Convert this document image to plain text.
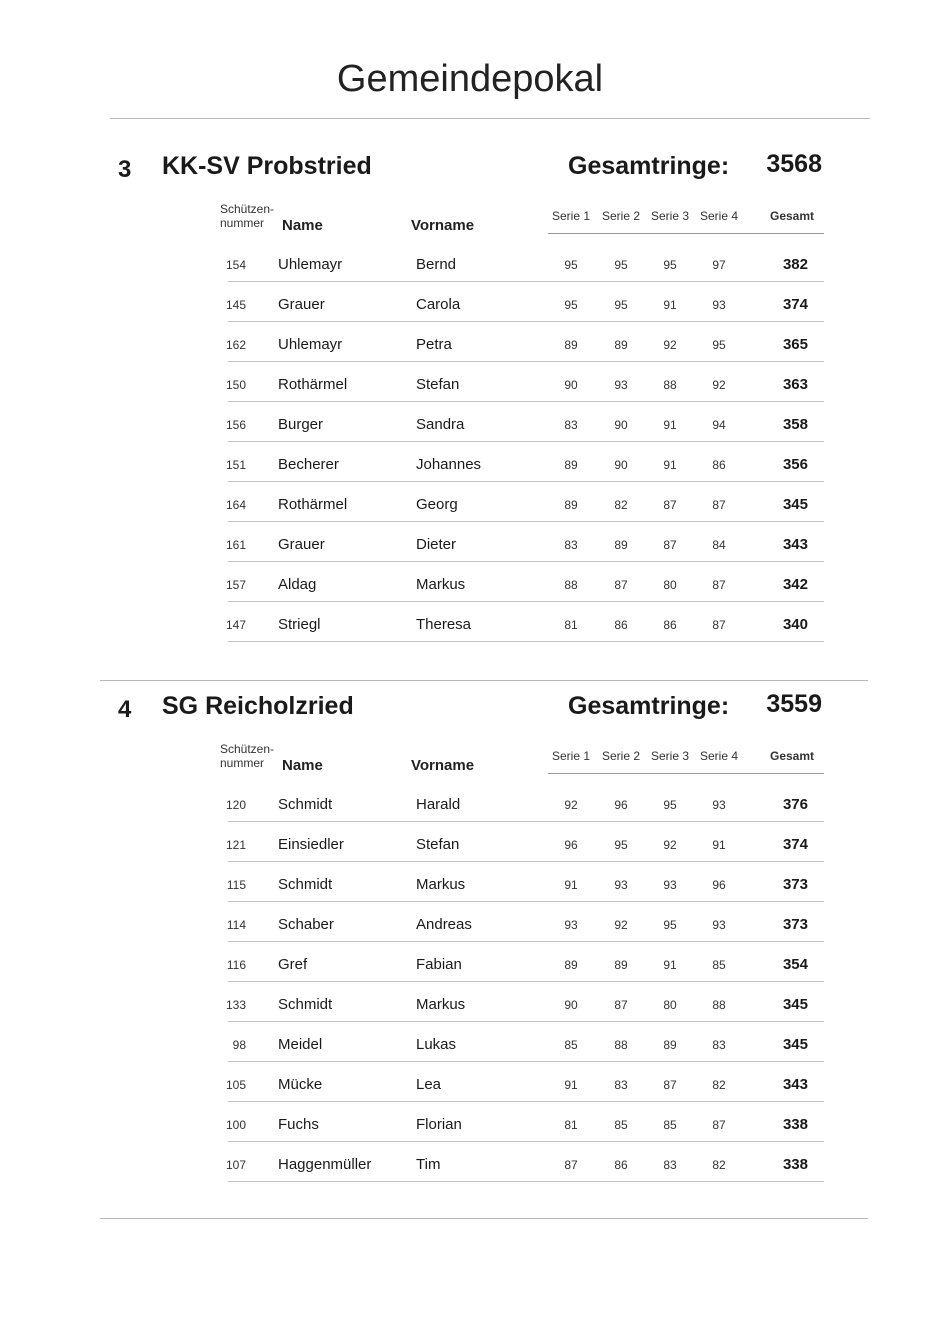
Gemeindepokal
3 KK-SV Probstried	Gesamtringe:	3568
Schützen-
nummer Name	Vorname
Serie 1 Serie 2 Serie 3 Serie 4	Gesamt
154 Uhlemayr	Bernd	95	95	95	97	382
145 Grauer	Carola	95	95	91	93	374
162 Uhlemayr	Petra	89	89	92	95	365
150 Rothärmel	Stefan	90	93	88	92	363
156 Burger	Sandra	83	90	91	94	358
151 Becherer	Johannes	89	90	91	86	356
164 Rothärmel	Georg	89	82	87	87	345
161 Grauer	Dieter	83	89	87	84	343
157 Aldag	Markus	88	87	80	87	342
147 Striegl	Theresa	81	86	86	87	340
4 SG Reicholzried	Gesamtringe:	3559
Schützen-
nummer Name	Vorname
Serie 1 Serie 2 Serie 3 Serie 4	Gesamt
120 Schmidt	Harald	92	96	95	93	376
121 Einsiedler	Stefan	96	95	92	91	374
115 Schmidt	Markus	91	93	93	96	373
114 Schaber	Andreas	93	92	95	93	373
116 Gref	Fabian	89	89	91	85	354
133 Schmidt	Markus	90	87	80	88	345
98 Meidel	Lukas	85	88	89	83	345
105 Mücke	Lea	91	83	87	82	343
100 Fuchs	Florian	81	85	85	87	338
107 Haggenmüller	Tim	87	86	83	82	338
